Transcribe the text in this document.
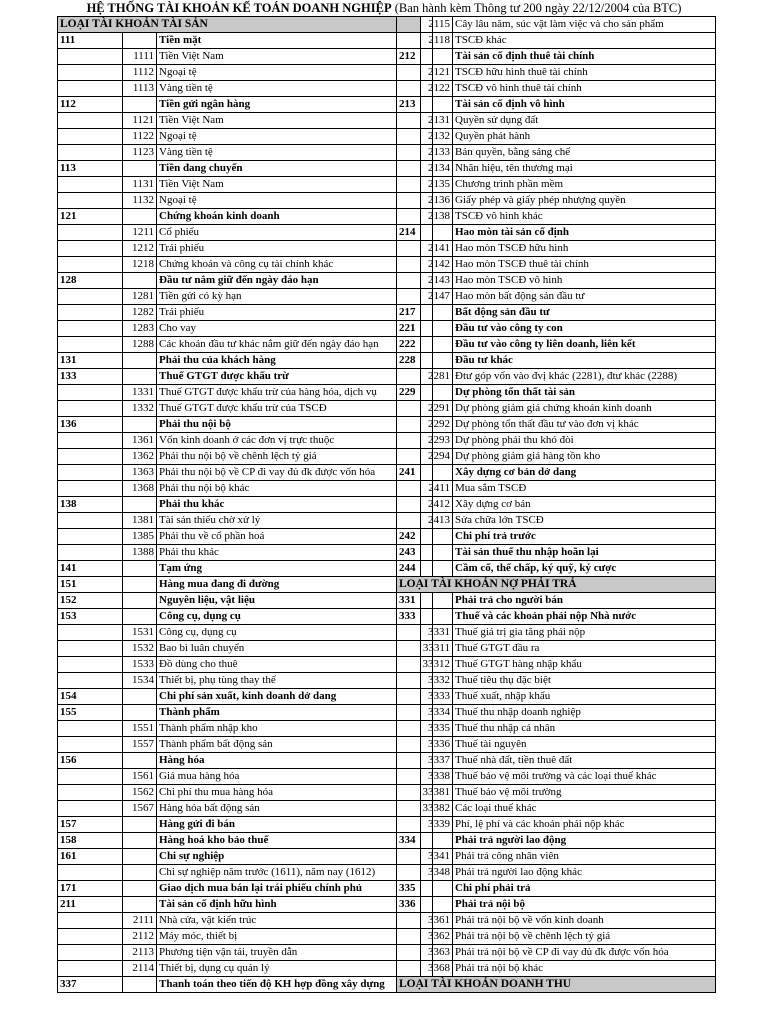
HỆ THỐNG TÀI KHOẢN KẾ TOÁN DOANH NGHIỆP (Ban hành kèm Thông tư 200 ngày 22/12/2004 của BTC)
LOẠI TÀI KHOẢN TÀI SẢN			
111		Tiền mặt	
	1111	Tiền Việt Nam	
	1112	Ngoại tệ	
	1113	Vàng tiền tệ	
112		Tiền gửi ngân hàng	
	1121	Tiền Việt Nam	
	1122	Ngoại tệ	
	1123	Vàng tiền tệ	
113		Tiền đang chuyển	
	1131	Tiền Việt Nam	
	1132	Ngoại tệ	
121		Chứng khoán kinh doanh	
	1211	Cổ phiếu	
	1212	Trái phiếu	
	1218	Chứng khoán và công cụ tài chính khác	
128		Đầu tư nắm giữ đến ngày đáo hạn	
	1281	Tiền gửi có kỳ hạn	
	1282	Trái phiếu	
	1283	Cho vay	
	1288	Các khoản đầu tư khác nắm giữ đến ngày đáo hạn	
131		Phải thu của khách hàng	
133		Thuế GTGT được khấu trừ	
	1331	Thuế GTGT được khấu trừ của hàng hóa, dịch vụ	
	1332	Thuế GTGT được khấu trừ của TSCĐ	
136		Phải thu nội bộ	
	1361	Vốn kinh doanh ở các đơn vị trực thuộc	
	1362	Phải thu nội bộ về chênh lệch tỷ giá	
	1363	Phải thu nội bộ về CP đi vay đủ đk được vốn hóa	
	1368	Phải thu nội bộ khác	
138		Phải thu khác	
	1381	Tài sản thiếu chờ xử lý	
	1385	Phải thu về cổ phần hoá	
	1388	Phải thu khác	
141		Tạm ứng	
151		Hàng mua đang đi đường	
152		Nguyên liệu, vật liệu	
153		Công cụ, dụng cụ	
	1531	Công cụ, dụng cụ	
	1532	Bao bì luân chuyển	
	1533	Đồ dùng cho thuê	
	1534	Thiết bị, phụ tùng thay thế	
154		Chi phí sản xuất, kinh doanh dở dang	
155		Thành phẩm	
	1551	Thành phẩm nhập kho	
	1557	Thành phẩm bất động sản	
156		Hàng hóa	
	1561	Giá mua hàng hóa	
	1562	Chi phí thu mua hàng hóa	
	1567	Hàng hóa bất động sản	
157		Hàng gửi đi bán	
158		Hàng hoá kho bảo thuế	
161		Chi sự nghiệp	
		Chi sự nghiệp năm trước (1611), năm nay (1612)	
171		Giao dịch mua bán lại trái phiếu chính phủ	
211		Tài sản cố định hữu hình	
	2111	Nhà cửa, vật kiến trúc	
	2112	Máy móc, thiết bị	
	2113	Phương tiện vận tải, truyền dẫn	
	2114	Thiết bị, dụng cụ quản lý	
337		Thanh toán theo tiến độ KH hợp đồng xây dựng	
2115	Cây lâu năm, súc vật làm việc và cho sản phẩm
2118	TSCĐ khác
212	Tài sản cố định thuê tài chính
2121	TSCĐ hữu hình thuê tài chính
2122	TSCĐ vô hình thuê tài chính
213	Tài sản cố định vô hình
2131	Quyền sử dụng đất
2132	Quyền phát hành
2133	Bản quyền, bằng sáng chế
2134	Nhãn hiệu, tên thương mại
2135	Chương trình phần mềm
2136	Giấy phép và giấy phép nhượng quyền
2138	TSCĐ vô hình khác
214	Hao mòn tài sản cố định
2141	Hao mòn TSCĐ hữu hình
2142	Hao mòn TSCĐ thuê tài chính
2143	Hao mòn TSCĐ vô hình
2147	Hao mòn bất động sản đầu tư
217	Bất động sản đầu tư
221	Đầu tư vào công ty con
222	Đầu tư vào công ty liên doanh, liên kết
228	Đầu tư khác
2281	Đtư góp vốn vào đvị khác (2281), đtư khác (2288)
229	Dự phòng tổn thất tài sản
2291	Dự phòng giảm giá chứng khoán kinh doanh
2292	Dự phòng tổn thất đầu tư vào đơn vị khác
2293	Dự phòng phải thu khó đòi
2294	Dự phòng giảm giá hàng tồn kho
241	Xây dựng cơ bản dở dang
2411	Mua sắm TSCĐ
2412	Xây dựng cơ bản
2413	Sửa chữa lớn TSCĐ
242	Chi phí trả trước
243	Tài sản thuế thu nhập hoãn lại
244	Cầm cố, thế chấp, ký quỹ, ký cược
LOẠI TÀI KHOẢN NỢ PHẢI TRẢ	
331	Phải trả cho người bán
333	Thuế và các khoản phải nộp Nhà nước
3331	Thuế giá trị gia tăng phải nộp
33311	Thuế GTGT đầu ra
33312	Thuế GTGT hàng nhập khẩu
3332	Thuế tiêu thụ đặc biệt
3333	Thuế xuất, nhập khẩu
3334	Thuế thu nhập doanh nghiệp
3335	Thuế thu nhập cá nhân
3336	Thuế tài nguyên
3337	Thuế nhà đất, tiền thuê đất
3338	Thuế bảo vệ môi trường và các loại thuế khác
33381	Thuế bảo vệ môi trường
33382	Các loại thuế khác
3339	Phí, lệ phí và các khoản phải nộp khác
334	Phải trả người lao động
3341	Phải trả công nhân viên
3348	Phải trả người lao động khác
335	Chi phí phải trả
336	Phải trả nội bộ
3361	Phải trả nội bộ về vốn kinh doanh
3362	Phải trả nội bộ về chênh lệch tỷ giá
3363	Phải trả nội bộ về CP đi vay đủ đk được vốn hóa
3368	Phải trả nội bộ khác
LOẠI TÀI KHOẢN DOANH THU	
